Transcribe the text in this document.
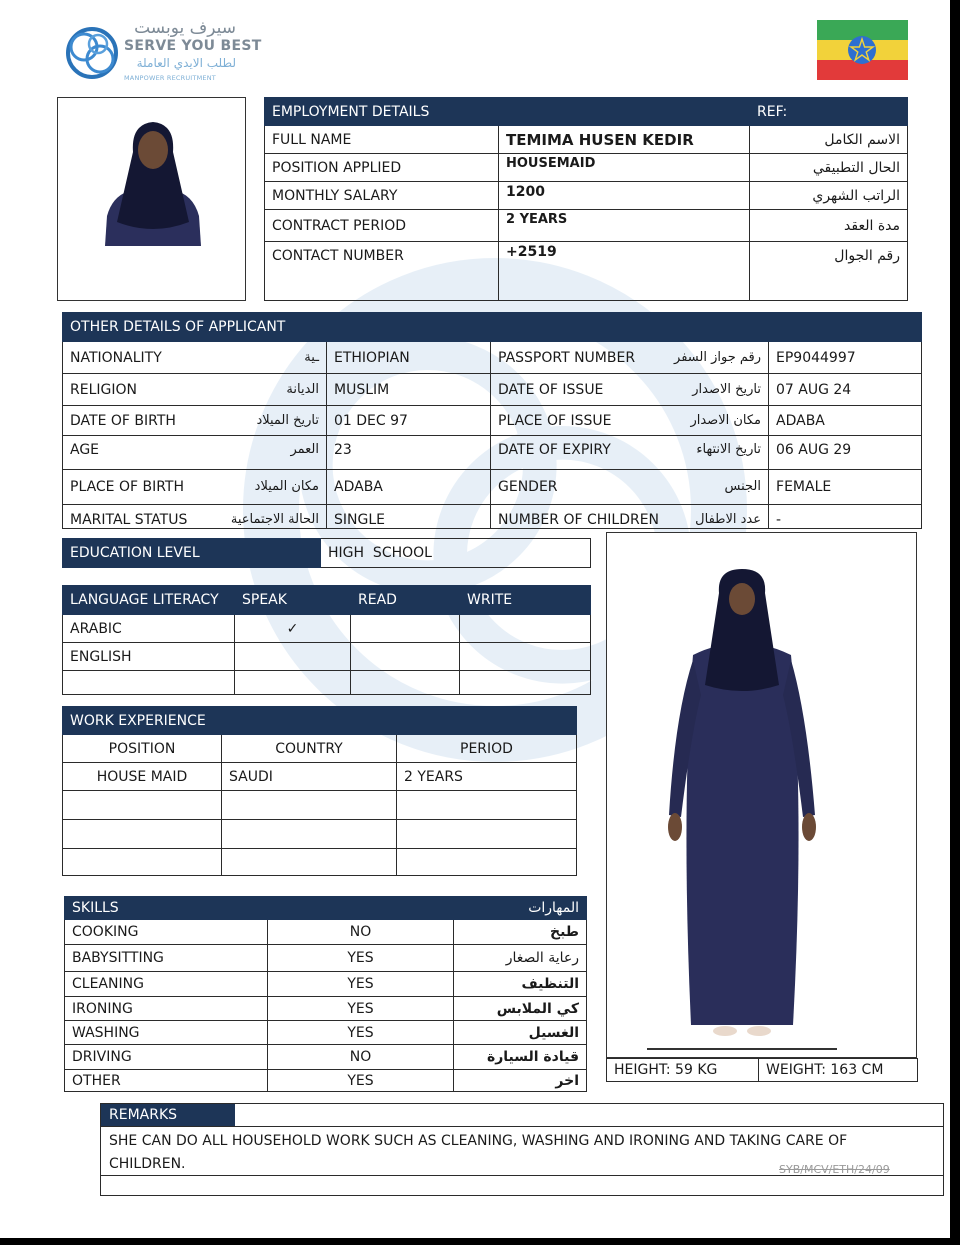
سيرف يوبست
SERVE YOU BEST
لطلب الايدي العاملة
MANPOWER RECRUITMENT
EMPLOYMENT DETAILS		REF:
FULL NAME	TEMIMA HUSEN KEDIR	الاسم الكامل
POSITION APPLIED	HOUSEMAID	الحال التطبيقي
MONTHLY SALARY	1200	الراتب الشهري
CONTRACT PERIOD	2 YEARS	مدة العقد
CONTACT NUMBER	+2519	رقم الجوال
OTHER DETAILS OF APPLICANT			
NATIONALITY ـية	ETHIOPIAN	PASSPORT NUMBER رقم جواز السفر	EP9044997
RELIGION الديانة	MUSLIM	DATE OF ISSUE تاريخ الاصدار	07 AUG 24
DATE OF BIRTH تاريخ الميلاد	01 DEC 97	PLACE OF ISSUE مكان الاصدار	ADABA
AGE العمر	23	DATE OF EXPIRY تاريخ الانتهاء	06 AUG 29
PLACE OF BIRTH مكان الميلاد	ADABA	GENDER الجنس	FEMALE
MARITAL STATUS الحالة الاجتماعية	SINGLE	NUMBER OF CHILDREN عدد الاطفال	-
EDUCATION LEVEL	HIGH  SCHOOL
LANGUAGE LITERACY	SPEAK	READ	WRITE
ARABIC	✓		
ENGLISH			

WORK EXPERIENCE		
POSITION	COUNTRY	PERIOD
HOUSE MAID	SAUDI	2 YEARS

SKILLS		المهارات
COOKING	NO	طبخ
BABYSITTING	YES	رعاية الصغار
CLEANING	YES	التنظيف
IRONING	YES	كي الملابس
WASHING	YES	الغسيل
DRIVING	NO	قيادة السيارة
OTHER	YES	اخر
HEIGHT: 59 KG	WEIGHT: 163 CM
REMARKS
SHE CAN DO ALL HOUSEHOLD WORK SUCH AS CLEANING, WASHING AND IRONING AND TAKING CARE OF CHILDREN.	SYB/MCV/ETH/24/09
